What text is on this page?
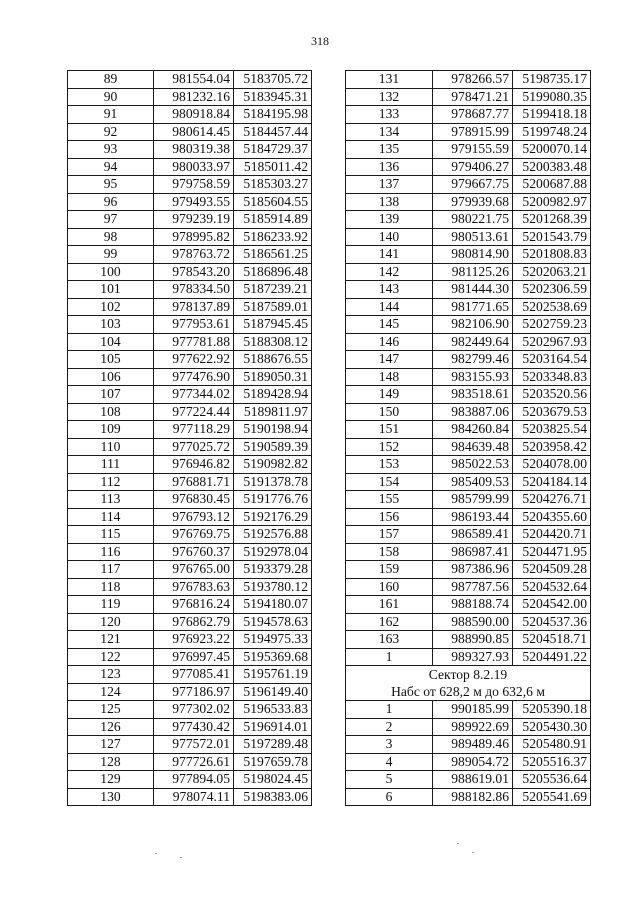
318
89	981554.04	5183705.72
90	981232.16	5183945.31
91	980918.84	5184195.98
92	980614.45	5184457.44
93	980319.38	5184729.37
94	980033.97	5185011.42
95	979758.59	5185303.27
96	979493.55	5185604.55
97	979239.19	5185914.89
98	978995.82	5186233.92
99	978763.72	5186561.25
100	978543.20	5186896.48
101	978334.50	5187239.21
102	978137.89	5187589.01
103	977953.61	5187945.45
104	977781.88	5188308.12
105	977622.92	5188676.55
106	977476.90	5189050.31
107	977344.02	5189428.94
108	977224.44	5189811.97
109	977118.29	5190198.94
110	977025.72	5190589.39
111	976946.82	5190982.82
112	976881.71	5191378.78
113	976830.45	5191776.76
114	976793.12	5192176.29
115	976769.75	5192576.88
116	976760.37	5192978.04
117	976765.00	5193379.28
118	976783.63	5193780.12
119	976816.24	5194180.07
120	976862.79	5194578.63
121	976923.22	5194975.33
122	976997.45	5195369.68
123	977085.41	5195761.19
124	977186.97	5196149.40
125	977302.02	5196533.83
126	977430.42	5196914.01
127	977572.01	5197289.48
128	977726.61	5197659.78
129	977894.05	5198024.45
130	978074.11	5198383.06
131	978266.57	5198735.17
132	978471.21	5199080.35
133	978687.77	5199418.18
134	978915.99	5199748.24
135	979155.59	5200070.14
136	979406.27	5200383.48
137	979667.75	5200687.88
138	979939.68	5200982.97
139	980221.75	5201268.39
140	980513.61	5201543.79
141	980814.90	5201808.83
142	981125.26	5202063.21
143	981444.30	5202306.59
144	981771.65	5202538.69
145	982106.90	5202759.23
146	982449.64	5202967.93
147	982799.46	5203164.54
148	983155.93	5203348.83
149	983518.61	5203520.56
150	983887.06	5203679.53
151	984260.84	5203825.54
152	984639.48	5203958.42
153	985022.53	5204078.00
154	985409.53	5204184.14
155	985799.99	5204276.71
156	986193.44	5204355.60
157	986589.41	5204420.71
158	986987.41	5204471.95
159	987386.96	5204509.28
160	987787.56	5204532.64
161	988188.74	5204542.00
162	988590.00	5204537.36
163	988990.85	5204518.71
1	989327.93	5204491.22
Сектор 8.2.19		
Набс от 628,2 м до 632,6 м		
1	990185.99	5205390.18
2	989922.69	5205430.30
3	989489.46	5205480.91
4	989054.72	5205516.37
5	988619.01	5205536.64
6	988182.86	5205541.69
